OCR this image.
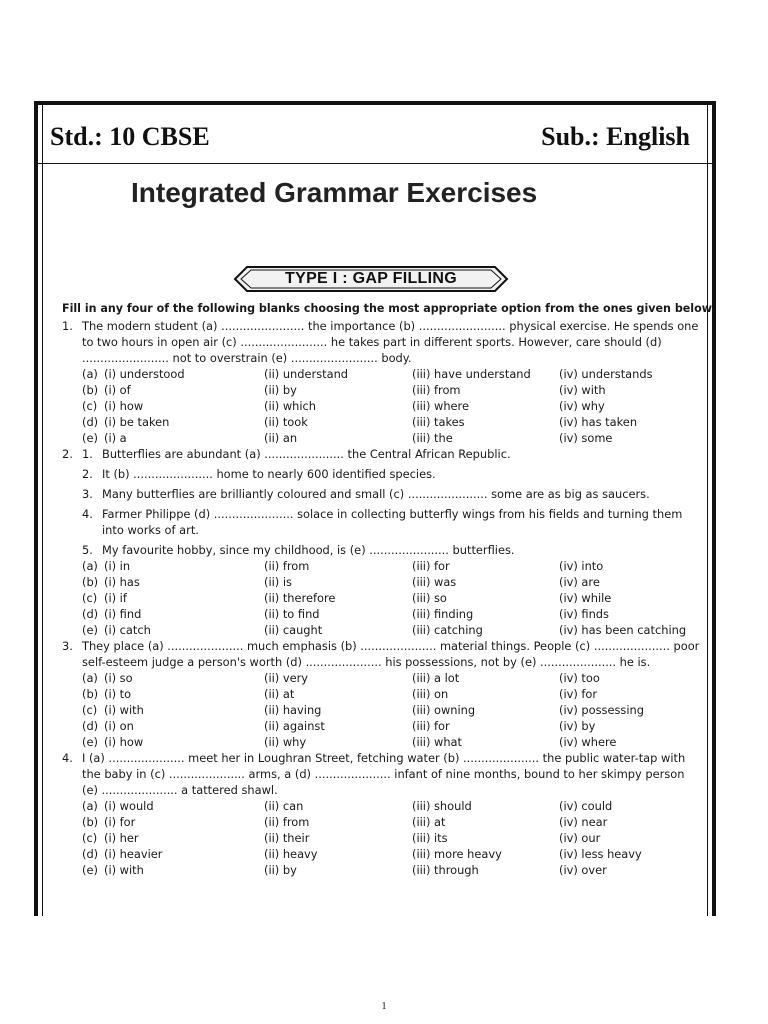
Std.: 10 CBSE	Sub.: English
Integrated Grammar Exercises
TYPE I : GAP FILLING
Fill in any four of the following blanks choosing the most appropriate option from the ones given below.
1. The modern student (a) ....................... the importance (b) ........................ physical exercise. He spends one to two hours in open air (c) ........................ he takes part in different sports. However, care should (d) ........................ not to overstrain (e) ........................ body.
(a) (i) understood	(ii) understand	(iii) have understand (iv) understands
(b) (i) of	(ii) by	(iii) from	(iv) with
(c) (i) how	(ii) which	(iii) where	(iv) why
(d) (i) be taken	(ii) took	(iii) takes	(iv) has taken
(e) (i) a	(ii) an	(iii) the	(iv) some
2.	Butterflies are abundant (a) ...................... the Central African Republic.
1.
2. It (b) ...................... home to nearly 600 identified species.
3. Many butterflies are brilliantly coloured and small (c) ...................... some are as big as saucers.
4. Farmer Philippe (d) ...................... solace in collecting butterfly wings from his fields and turning them into works of art.
5. My favourite hobby, since my childhood, is (e) ...................... butterflies.
(a) (i) in	(ii) from	(iii) for	(iv) into
(b) (i) has	(ii) is	(iii) was	(iv) are
(c) (i) if	(ii) therefore	(iii) so	(iv) while
(d) (i) find	(ii) to find	(iii) finding	(iv) finds
(e) (i) catch	(ii) caught	(iii) catching	(iv) has been catching
3. They place (a) ..................... much emphasis (b) ..................... material things. People (c) ..................... poor self-esteem judge a person's worth (d) ..................... his possessions, not by (e) ..................... he is.
(a) (i) so	(ii) very	(iii) a lot	(iv) too
(b) (i) to	(ii) at	(iii) on	(iv) for
(c) (i) with	(ii) having	(iii) owning	(iv) possessing
(d) (i) on	(ii) against	(iii) for	(iv) by
(e) (i) how	(ii) why	(iii) what	(iv) where
4. I (a) ..................... meet her in Loughran Street, fetching water (b) ..................... the public water-tap with the baby in (c) ..................... arms, a (d) ..................... infant of nine months, bound to her skimpy person (e) ..................... a tattered shawl.
(a) (i) would	(ii) can	(iii) should	(iv) could
(b) (i) for	(ii) from	(iii) at	(iv) near
(c) (i) her	(ii) their	(iii) its	(iv) our
(d) (i) heavier	(ii) heavy	(iii) more heavy	(iv) less heavy
(e) (i) with	(ii) by	(iii) through	(iv) over
1
